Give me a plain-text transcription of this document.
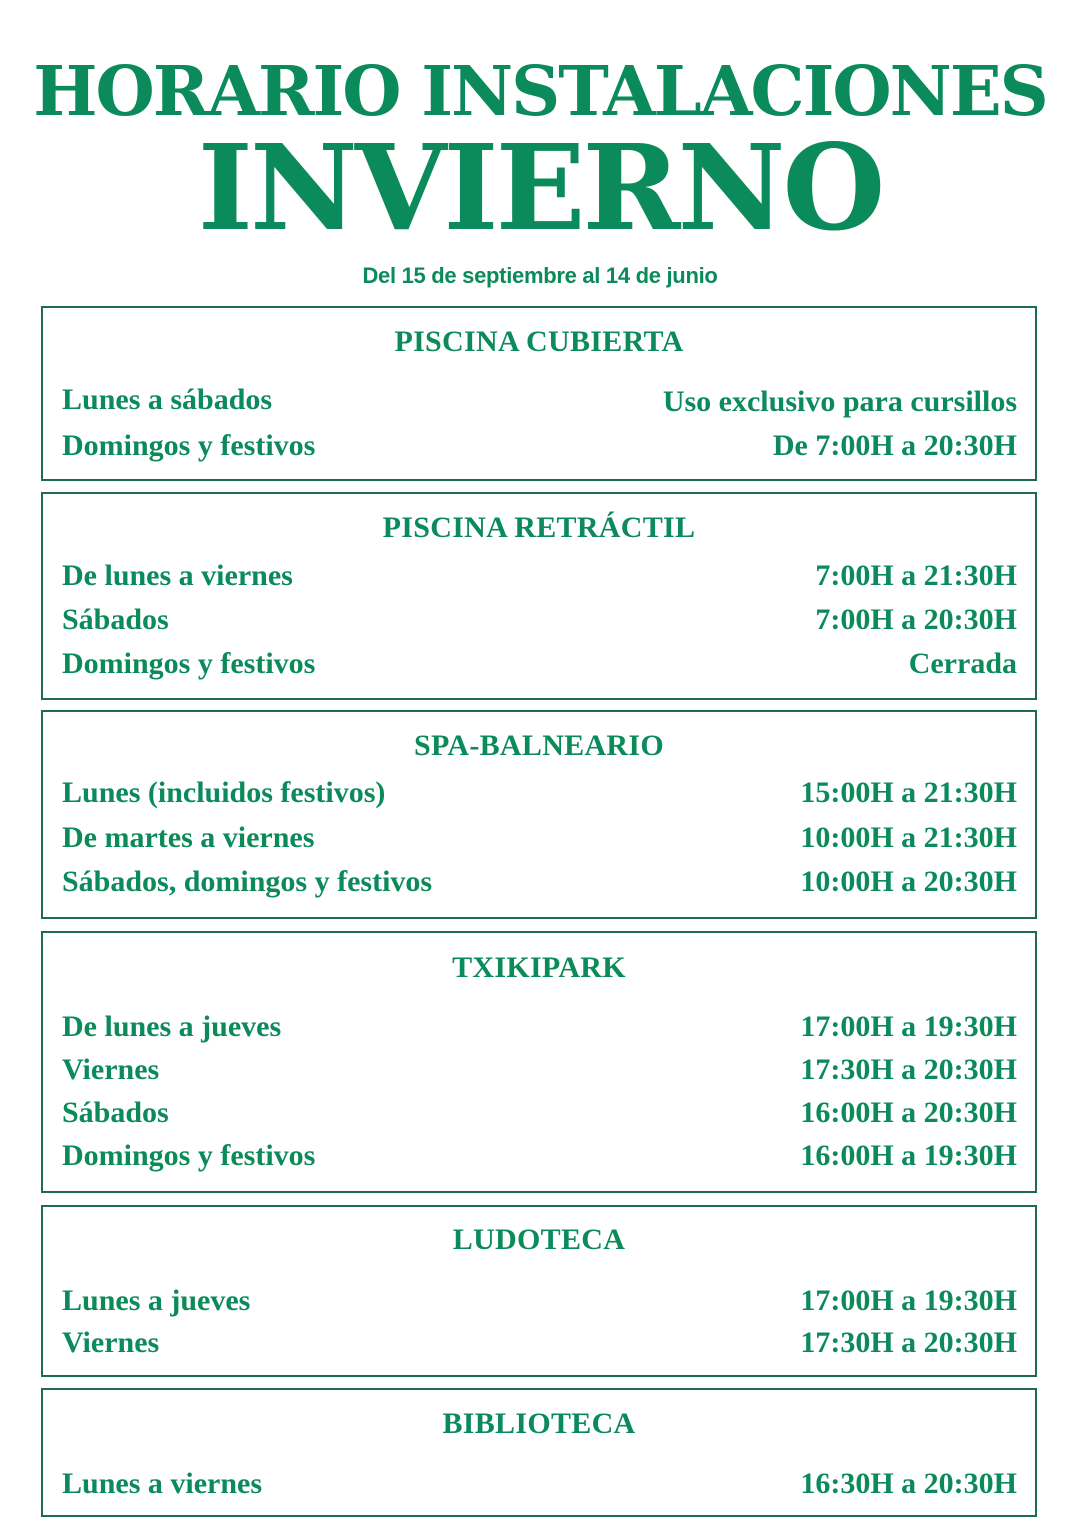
HORARIO INSTALACIONES
INVIERNO
Del 15 de septiembre al 14 de junio
PISCINA CUBIERTA
Lunes a sábados	Uso exclusivo para cursillos
Domingos y festivos	De 7:00H a 20:30H
PISCINA RETRÁCTIL
De lunes a viernes	7:00H a 21:30H
Sábados	7:00H a 20:30H
Domingos y festivos	Cerrada
SPA-BALNEARIO
Lunes (incluidos festivos)	15:00H a 21:30H
De martes a viernes	10:00H a 21:30H
Sábados, domingos y festivos	10:00H a 20:30H
TXIKIPARK
De lunes a jueves	17:00H a 19:30H
Viernes	17:30H a 20:30H
Sábados	16:00H a 20:30H
Domingos y festivos	16:00H a 19:30H
LUDOTECA
Lunes a jueves	17:00H a 19:30H
Viernes	17:30H a 20:30H
BIBLIOTECA
Lunes a viernes	16:30H a 20:30H
